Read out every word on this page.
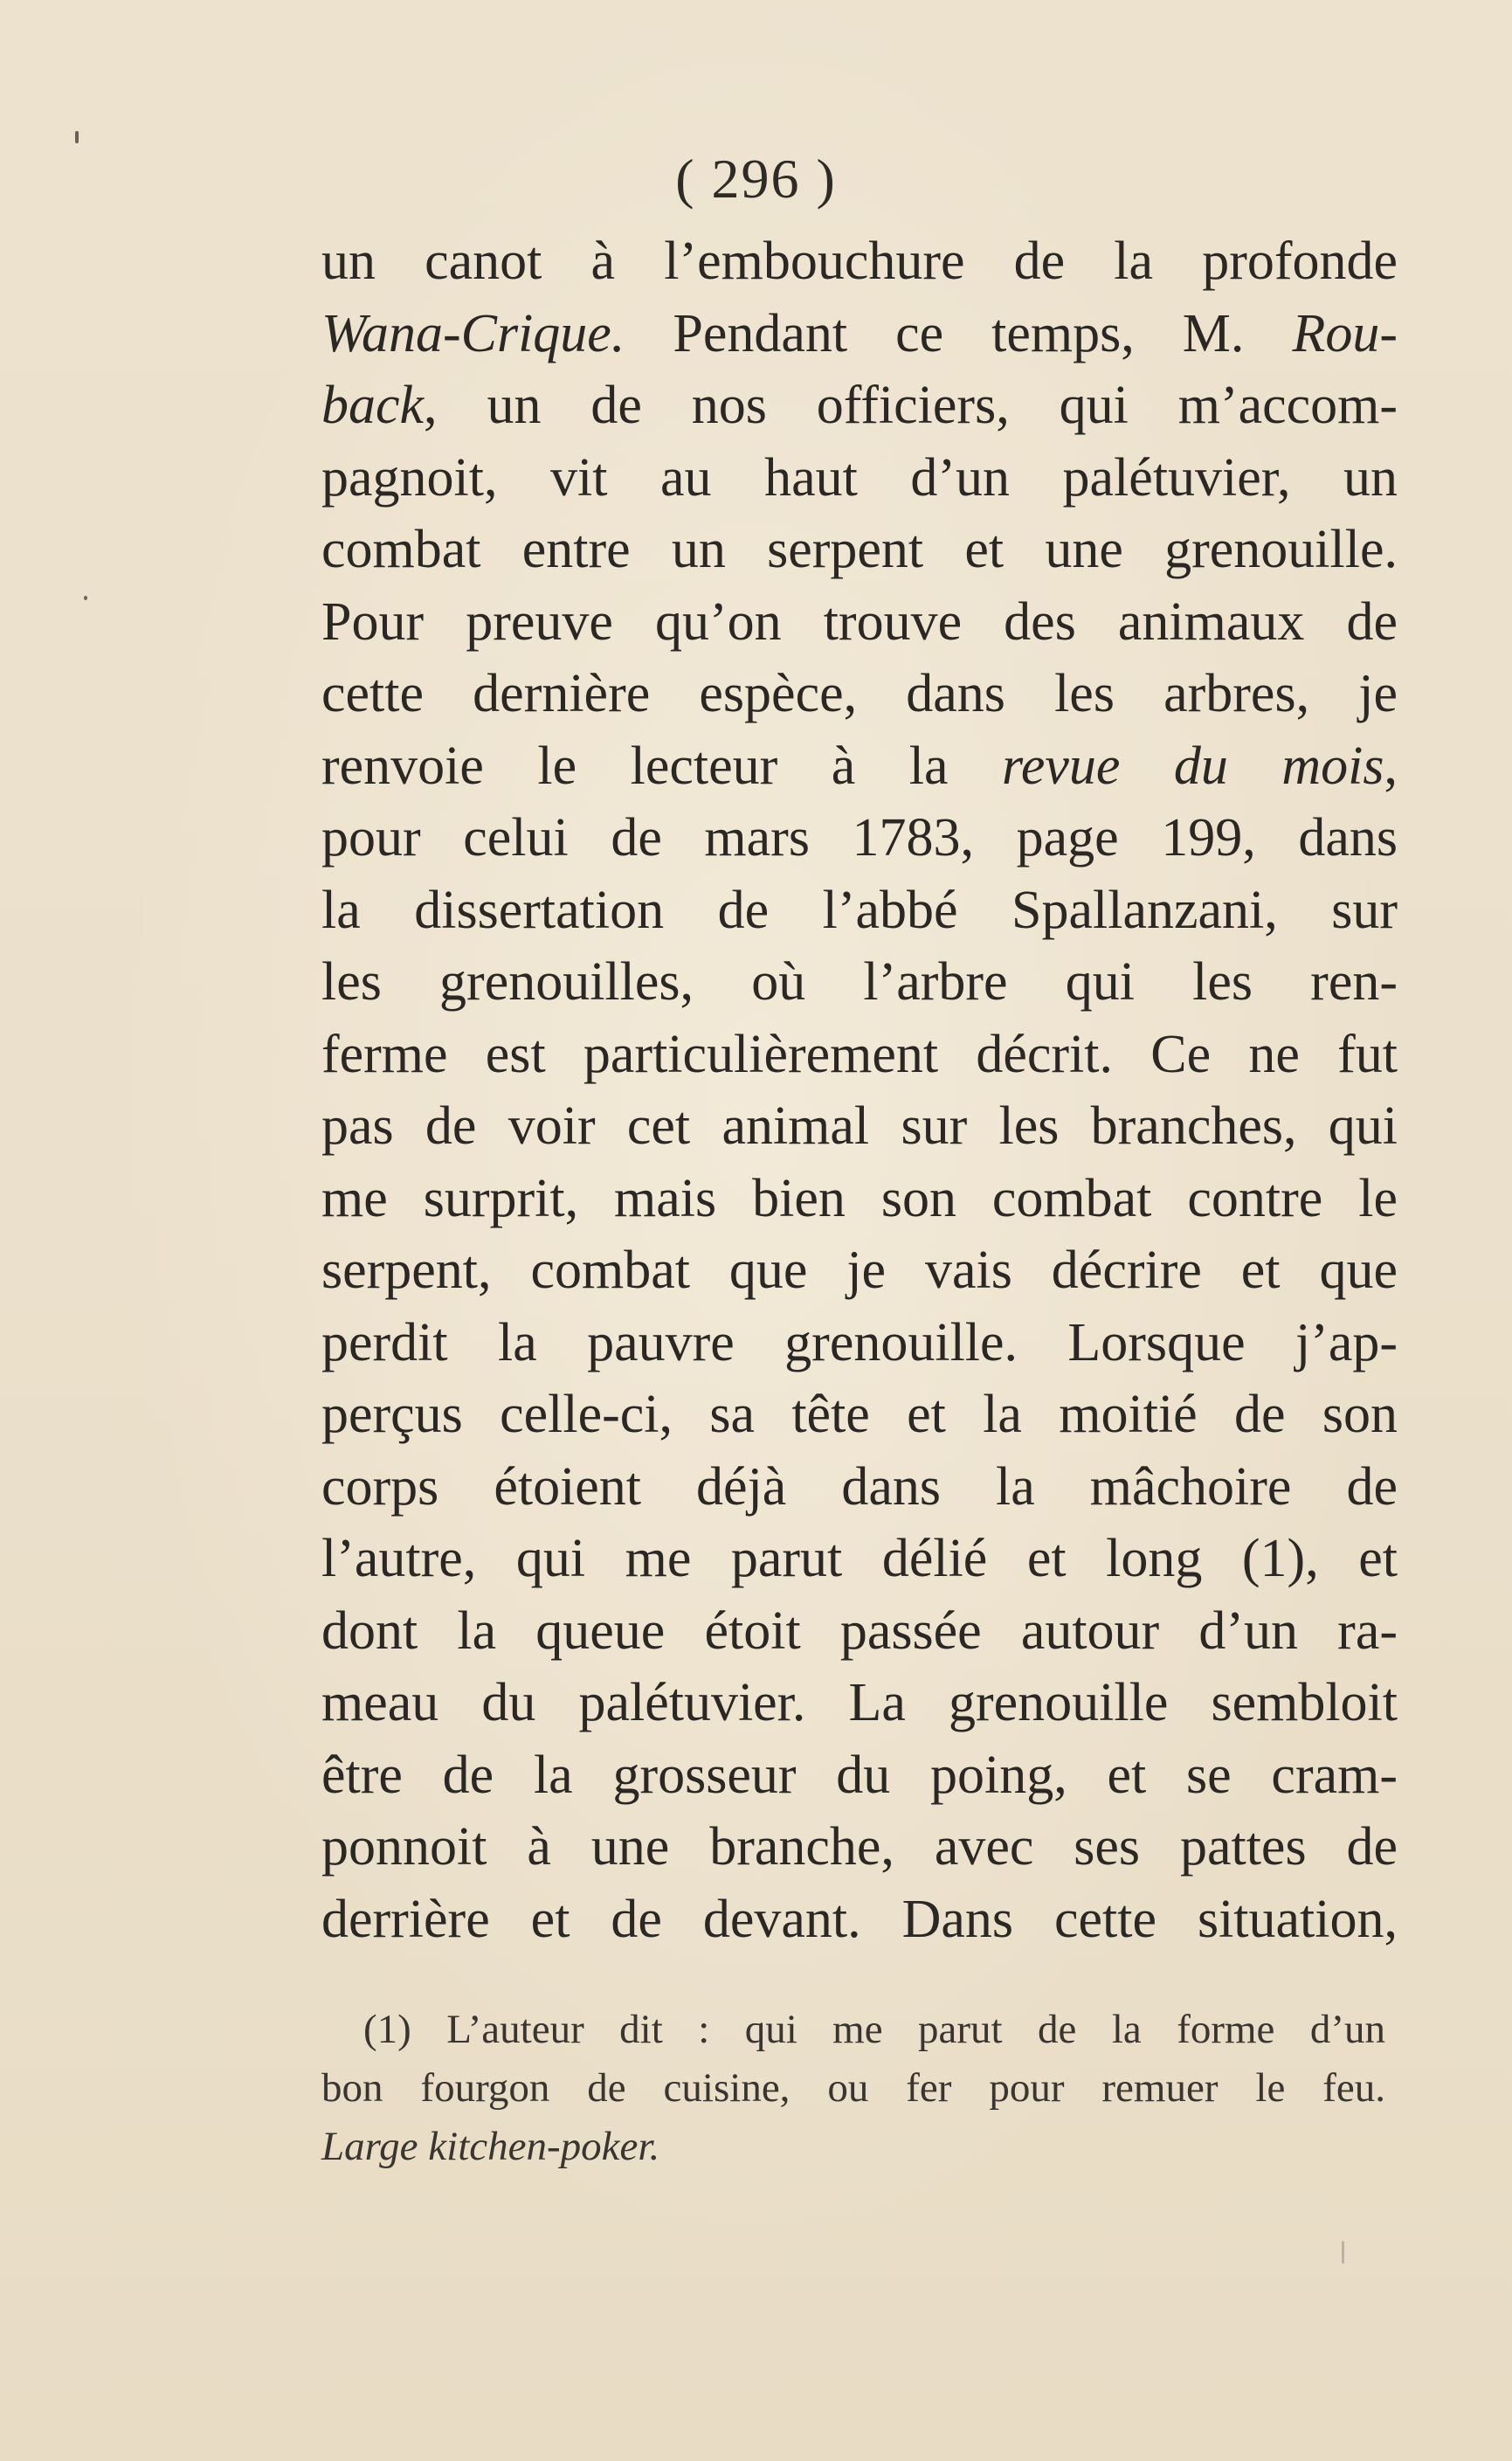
( 296 )
un canot à l’embouchure de la profonde
Wana-Crique. Pendant ce temps, M. Rou-
back, un de nos officiers, qui m’accom-
pagnoit, vit au haut d’un palétuvier, un
combat entre un serpent et une grenouille.
Pour preuve qu’on trouve des animaux de
cette dernière espèce, dans les arbres, je
renvoie le lecteur à la revue du mois,
pour celui de mars 1783, page 199, dans
la dissertation de l’abbé Spallanzani, sur
les grenouilles, où l’arbre qui les ren-
ferme est particulièrement décrit. Ce ne fut
pas de voir cet animal sur les branches, qui
me surprit, mais bien son combat contre le
serpent, combat que je vais décrire et que
perdit la pauvre grenouille. Lorsque j’ap-
perçus celle-ci, sa tête et la moitié de son
corps étoient déjà dans la mâchoire de
l’autre, qui me parut délié et long (1), et
dont la queue étoit passée autour d’un ra-
meau du palétuvier. La grenouille sembloit
être de la grosseur du poing, et se cram-
ponnoit à une branche, avec ses pattes de
derrière et de devant. Dans cette situation,
(1) L’auteur dit : qui me parut de la forme d’un
bon fourgon de cuisine, ou fer pour remuer le feu.
Large kitchen-poker.
